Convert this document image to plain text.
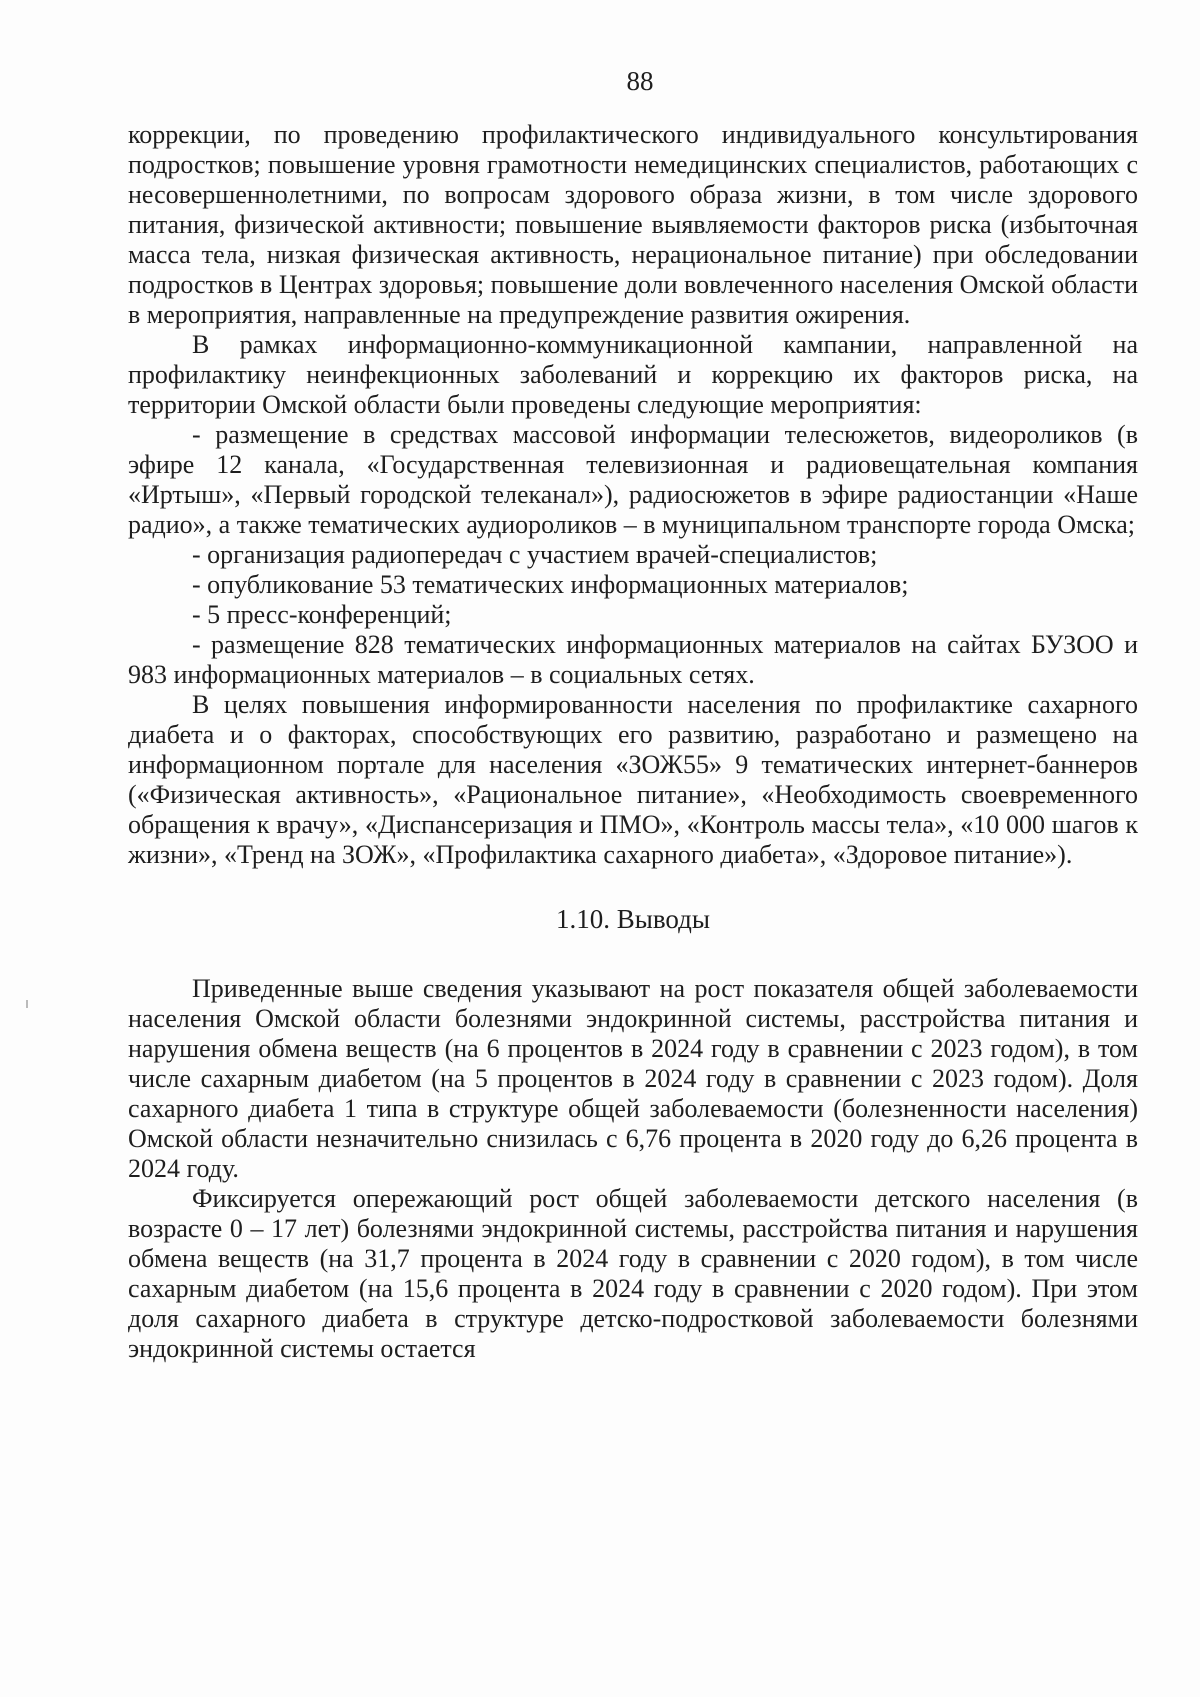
88

коррекции, по проведению профилактического индивидуального консультирования подростков; повышение уровня грамотности немедицинских специалистов, работающих с несовершеннолетними, по вопросам здорового образа жизни, в том числе здорового питания, физической активности; повышение выявляемости факторов риска (избыточная масса тела, низкая физическая активность, нерациональное питание) при обследовании подростков в Центрах здоровья; повышение доли вовлеченного населения Омской области в мероприятия, направленные на предупреждение развития ожирения.

В рамках информационно-коммуникационной кампании, направленной на профилактику неинфекционных заболеваний и коррекцию их факторов риска, на территории Омской области были проведены следующие мероприятия:

- размещение в средствах массовой информации телесюжетов, видеороликов (в эфире 12 канала, «Государственная телевизионная и радиовещательная компания «Иртыш», «Первый городской телеканал»), радиосюжетов в эфире радиостанции «Наше радио», а также тематических аудиороликов – в муниципальном транспорте города Омска;

- организация радиопередач с участием врачей-специалистов;

- опубликование 53 тематических информационных материалов;

- 5 пресс-конференций;

- размещение 828 тематических информационных материалов на сайтах БУЗОО и 983 информационных материалов – в социальных сетях.

В целях повышения информированности населения по профилактике сахарного диабета и о факторах, способствующих его развитию, разработано и размещено на информационном портале для населения «ЗОЖ55» 9 тематических интернет-баннеров («Физическая активность», «Рациональное питание», «Необходимость своевременного обращения к врачу», «Диспансеризация и ПМО», «Контроль массы тела», «10 000 шагов к жизни», «Тренд на ЗОЖ», «Профилактика сахарного диабета», «Здоровое питание»).

1.10. Выводы

Приведенные выше сведения указывают на рост показателя общей заболеваемости населения Омской области болезнями эндокринной системы, расстройства питания и нарушения обмена веществ (на 6 процентов в 2024 году в сравнении с 2023 годом), в том числе сахарным диабетом (на 5 процентов в 2024 году в сравнении с 2023 годом). Доля сахарного диабета 1 типа в структуре общей заболеваемости (болезненности населения) Омской области незначительно снизилась с 6,76 процента в 2020 году до 6,26 процента в 2024 году.

Фиксируется опережающий рост общей заболеваемости детского населения (в возрасте 0 – 17 лет) болезнями эндокринной системы, расстройства питания и нарушения обмена веществ (на 31,7 процента в 2024 году в сравнении с 2020 годом), в том числе сахарным диабетом (на 15,6 процента в 2024 году в сравнении с 2020 годом). При этом доля сахарного диабета в структуре детско-подростковой заболеваемости болезнями эндокринной системы остается
